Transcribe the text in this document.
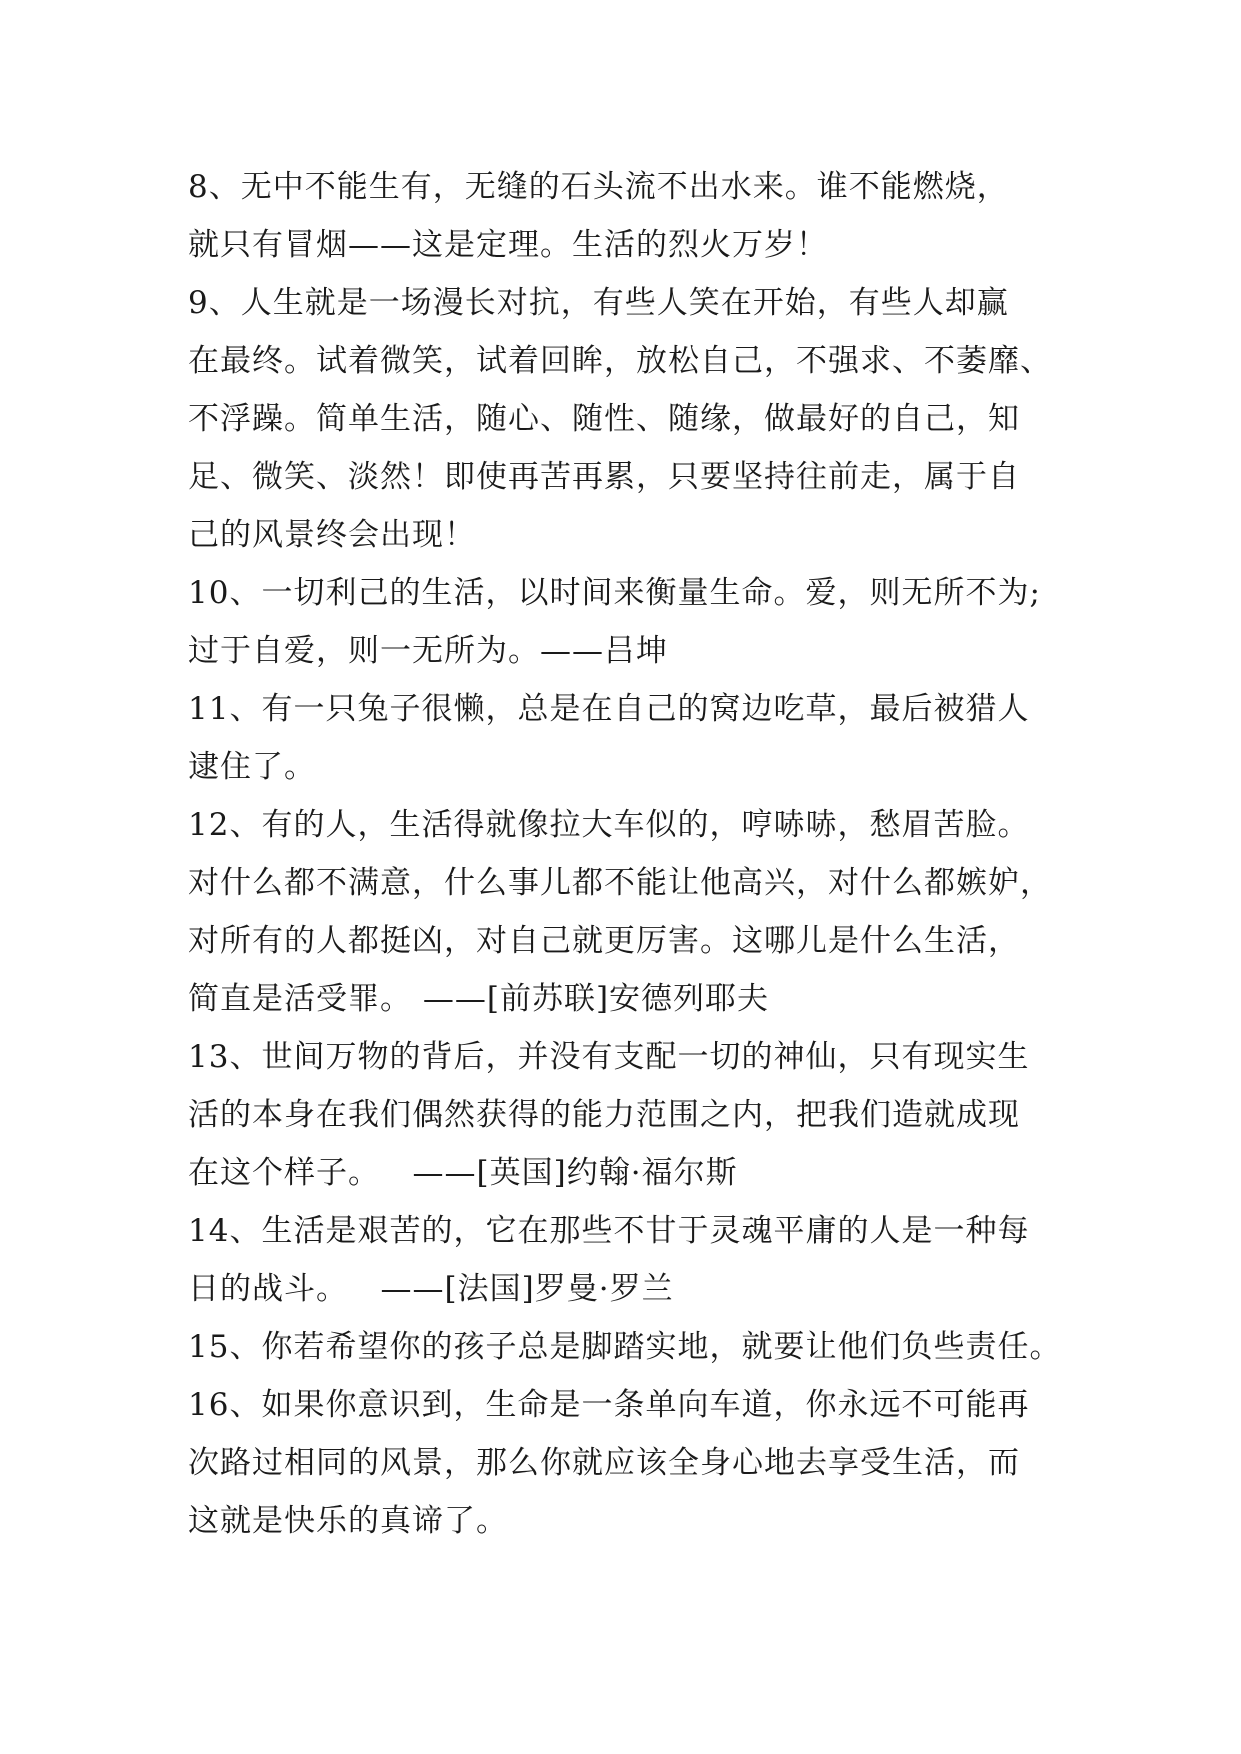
8、无中不能生有，无缝的石头流不出水来。谁不能燃烧，
就只有冒烟——这是定理。生活的烈火万岁！
9、人生就是一场漫长对抗，有些人笑在开始，有些人却赢
在最终。试着微笑，试着回眸，放松自己，不强求、不萎靡、
不浮躁。简单生活，随心、随性、随缘，做最好的自己，知
足、微笑、淡然！即使再苦再累，只要坚持往前走，属于自
己的风景终会出现！
10、一切利己的生活，以时间来衡量生命。爱，则无所不为;
过于自爱，则一无所为。——吕坤
11、有一只兔子很懒，总是在自己的窝边吃草，最后被猎人
逮住了。
12、有的人，生活得就像拉大车似的，哼哧哧，愁眉苦脸。
对什么都不满意，什么事儿都不能让他高兴，对什么都嫉妒，
对所有的人都挺凶，对自己就更厉害。这哪儿是什么生活，
简直是活受罪。 ——[前苏联]安德列耶夫
13、世间万物的背后，并没有支配一切的神仙，只有现实生
活的本身在我们偶然获得的能力范围之内，把我们造就成现
在这个样子。   ——[英国]约翰·福尔斯
14、生活是艰苦的，它在那些不甘于灵魂平庸的人是一种每
日的战斗。   ——[法国]罗曼·罗兰
15、你若希望你的孩子总是脚踏实地，就要让他们负些责任。
16、如果你意识到，生命是一条单向车道，你永远不可能再
次路过相同的风景，那么你就应该全身心地去享受生活，而
这就是快乐的真谛了。
